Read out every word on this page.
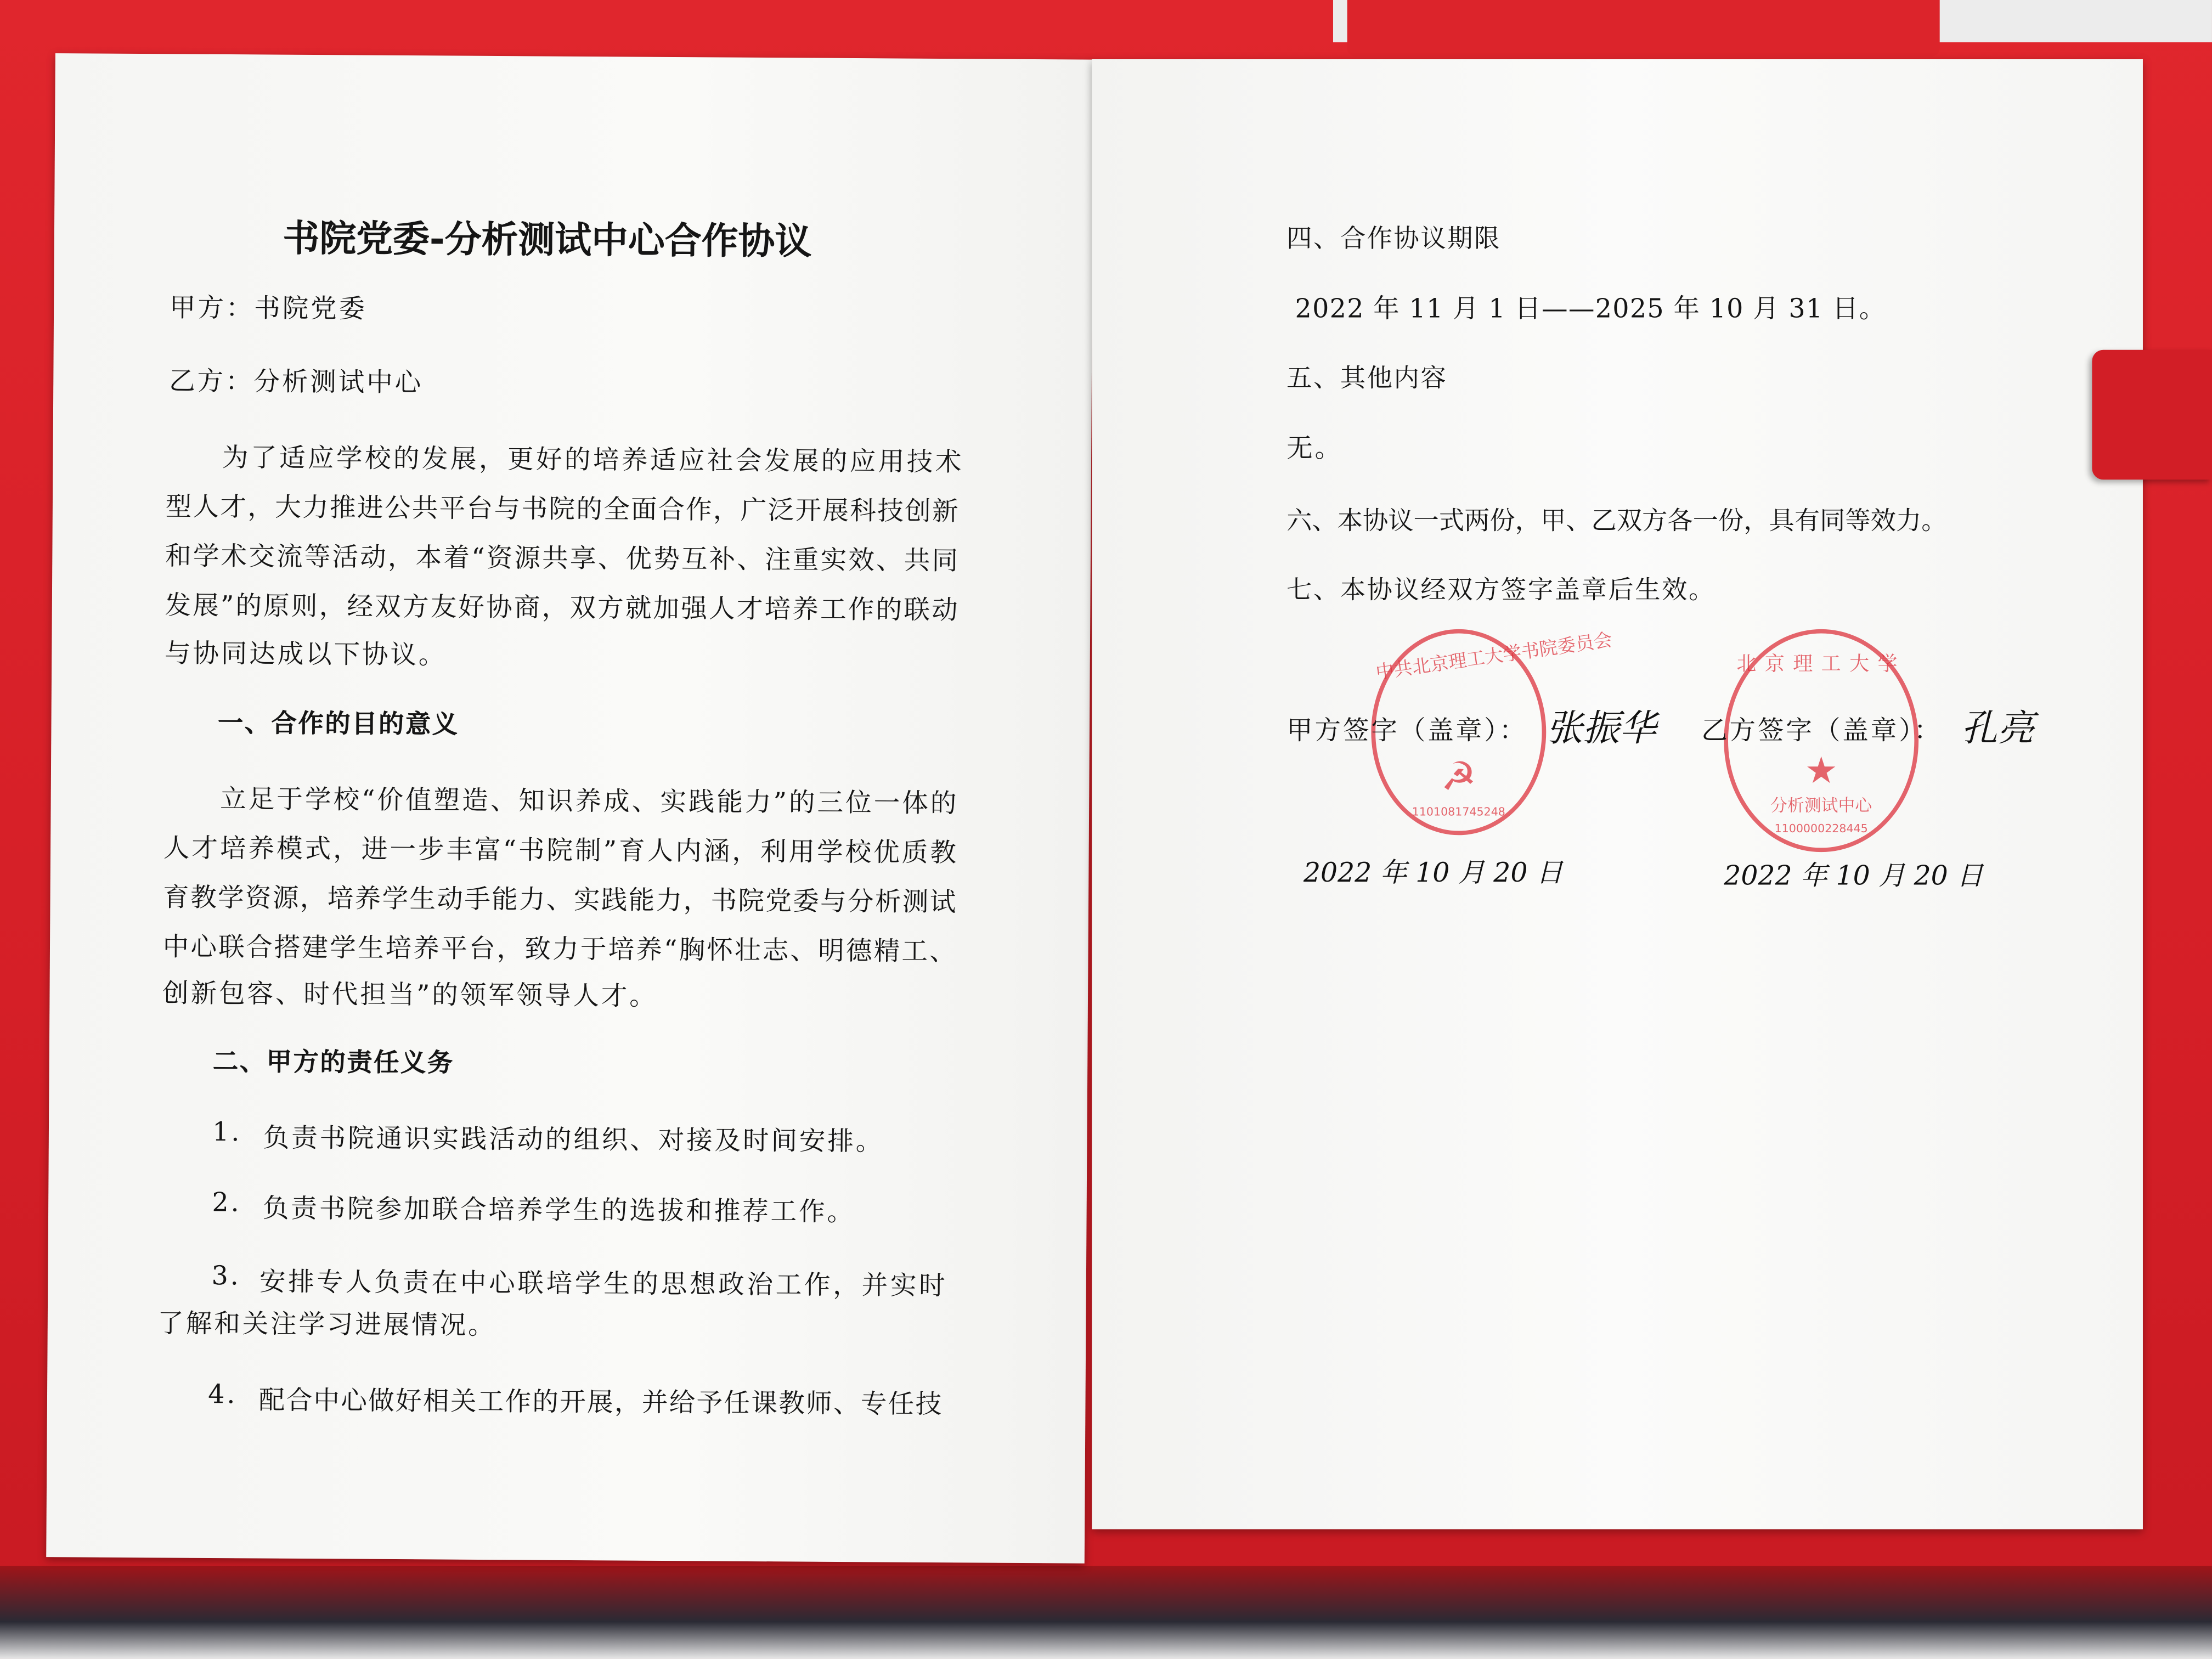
书院党委-分析测试中心合作协议
甲方：书院党委
乙方：分析测试中心
为了适应学校的发展，更好的培养适应社会发展的应用技术
型人才，大力推进公共平台与书院的全面合作，广泛开展科技创新
和学术交流等活动，本着“资源共享、优势互补、注重实效、共同
发展”的原则，经双方友好协商，双方就加强人才培养工作的联动
与协同达成以下协议。
一、合作的目的意义
立足于学校“价值塑造、知识养成、实践能力”的三位一体的
人才培养模式，进一步丰富“书院制”育人内涵，利用学校优质教
育教学资源，培养学生动手能力、实践能力，书院党委与分析测试
中心联合搭建学生培养平台，致力于培养“胸怀壮志、明德精工、
创新包容、时代担当”的领军领导人才。
二、甲方的责任义务
1. 负责书院通识实践活动的组织、对接及时间安排。
2. 负责书院参加联合培养学生的选拔和推荐工作。
3. 安排专人负责在中心联培学生的思想政治工作，并实时
了解和关注学习进展情况。
4. 配合中心做好相关工作的开展，并给予任课教师、专任技
四、合作协议期限
2022 年 11 月 1 日——2025 年 10 月 31 日。
五、其他内容
无。
六、本协议一式两份，甲、乙双方各一份，具有同等效力。
七、本协议经双方签字盖章后生效。
中共北京理工大学书院委员会
☭
1101081745248
北京理工大学
★
分析测试中心
1100000228445
甲方签字（盖章）： 张振华	乙方签字（盖章）： 孔亮
2022 年 10 月 20 日	2022 年 10 月 20 日
